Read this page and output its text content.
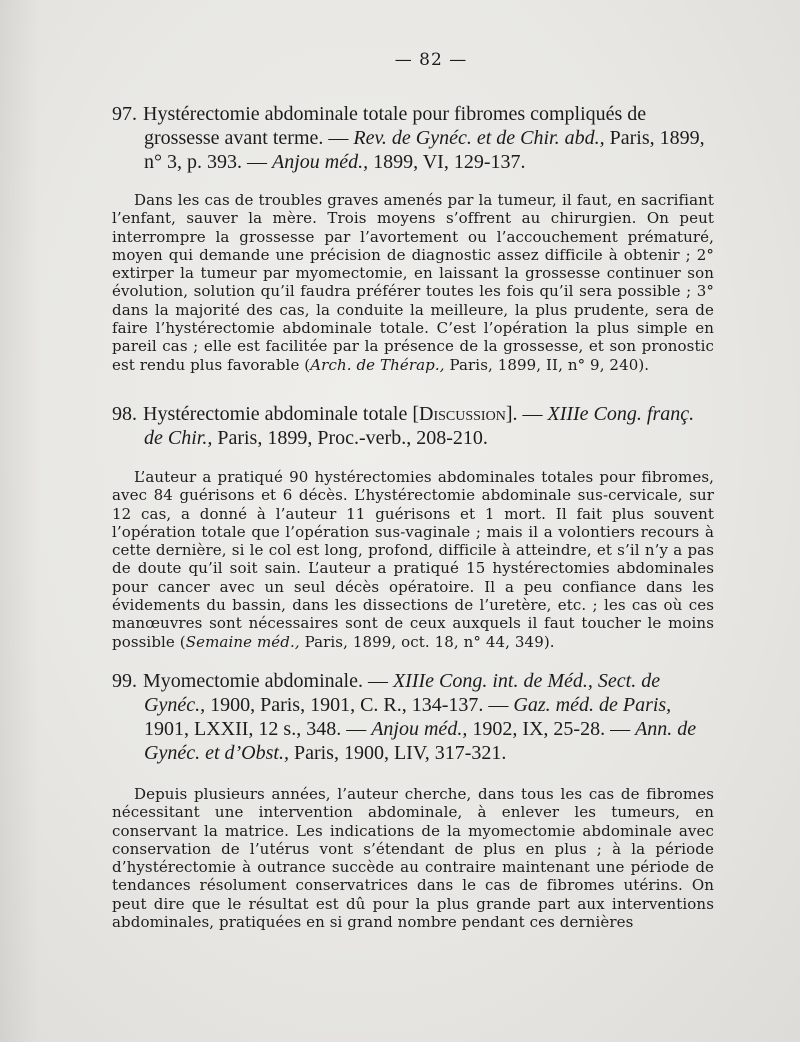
— 82 —

97. Hystérectomie abdominale totale pour fibromes compliqués de grossesse avant terme. — Rev. de Gynéc. et de Chir. abd., Paris, 1899, n° 3, p. 393. — Anjou méd., 1899, VI, 129-137.

Dans les cas de troubles graves amenés par la tumeur, il faut, en sacrifiant l’enfant, sauver la mère. Trois moyens s’offrent au chirurgien. On peut interrompre la grossesse par l’avortement ou l’accouchement prématuré, moyen qui demande une précision de diagnostic assez difficile à obtenir ; 2° extirper la tumeur par myomectomie, en laissant la grossesse continuer son évolution, solution qu’il faudra préférer toutes les fois qu’il sera possible ; 3° dans la majorité des cas, la conduite la meilleure, la plus prudente, sera de faire l’hystérectomie abdominale totale. C’est l’opération la plus simple en pareil cas ; elle est facilitée par la présence de la grossesse, et son pronostic est rendu plus favorable (Arch. de Thérap., Paris, 1899, II, n° 9, 240).

98. Hystérectomie abdominale totale [Discussion]. — XIIIe Cong. franç. de Chir., Paris, 1899, Proc.-verb., 208-210.

L’auteur a pratiqué 90 hystérectomies abdominales totales pour fibromes, avec 84 guérisons et 6 décès. L’hystérectomie abdominale sus-cervicale, sur 12 cas, a donné à l’auteur 11 guérisons et 1 mort. Il fait plus souvent l’opération totale que l’opération sus-vaginale ; mais il a volontiers recours à cette dernière, si le col est long, profond, difficile à atteindre, et s’il n’y a pas de doute qu’il soit sain. L’auteur a pratiqué 15 hystérectomies abdominales pour cancer avec un seul décès opératoire. Il a peu confiance dans les évidements du bassin, dans les dissections de l’uretère, etc. ; les cas où ces manœuvres sont nécessaires sont de ceux auxquels il faut toucher le moins possible (Semaine méd., Paris, 1899, oct. 18, n° 44, 349).

99. Myomectomie abdominale. — XIIIe Cong. int. de Méd., Sect. de Gynéc., 1900, Paris, 1901, C. R., 134-137. — Gaz. méd. de Paris, 1901, LXXII, 12 s., 348. — Anjou méd., 1902, IX, 25-28. — Ann. de Gynéc. et d’Obst., Paris, 1900, LIV, 317-321.

Depuis plusieurs années, l’auteur cherche, dans tous les cas de fibromes nécessitant une intervention abdominale, à enlever les tumeurs, en conservant la matrice. Les indications de la myomectomie abdominale avec conservation de l’utérus vont s’étendant de plus en plus ; à la période d’hystérectomie à outrance succède au contraire maintenant une période de tendances résolument conservatrices dans le cas de fibromes utérins. On peut dire que le résultat est dû pour la plus grande part aux interventions abdominales, pratiquées en si grand nombre pendant ces dernières
